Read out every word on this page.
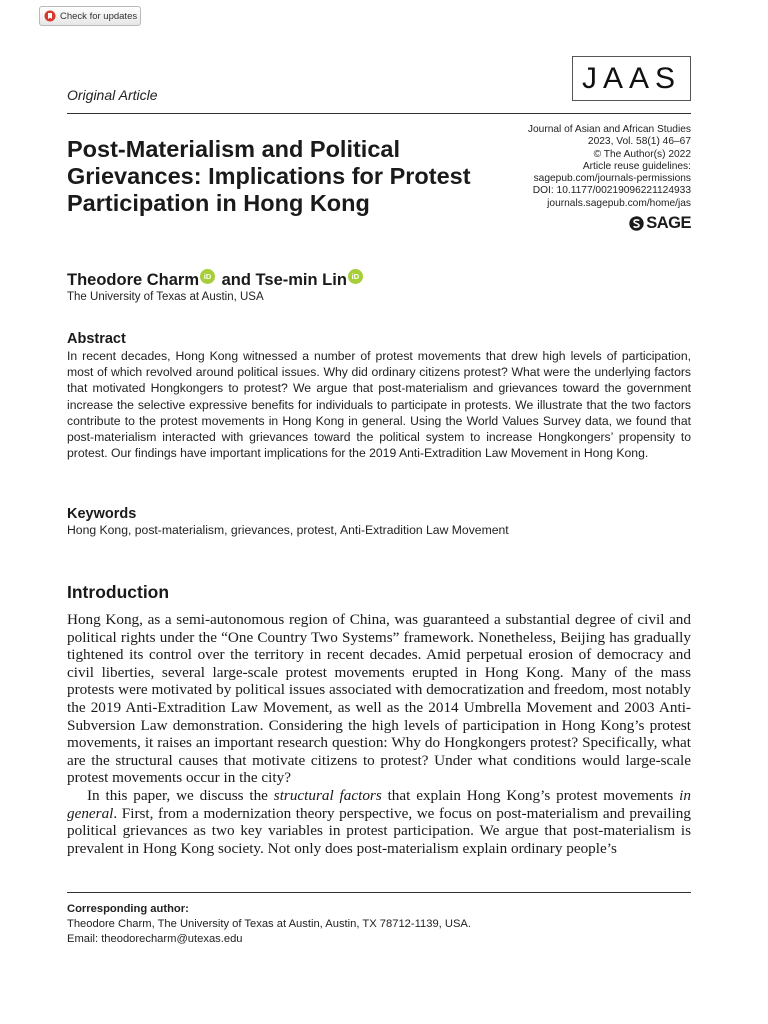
Check for updates
Original Article
JAAS
Post-Materialism and Political Grievances: Implications for Protest Participation in Hong Kong
Journal of Asian and African Studies
2023, Vol. 58(1) 46–67
© The Author(s) 2022
Article reuse guidelines:
sagepub.com/journals-permissions
DOI: 10.1177/00219096221124933
journals.sagepub.com/home/jas
SAGE
Theodore Charm iD and Tse-min Lin iD
The University of Texas at Austin, USA
Abstract

In recent decades, Hong Kong witnessed a number of protest movements that drew high levels of participation, most of which revolved around political issues. Why did ordinary citizens protest? What were the underlying factors that motivated Hongkongers to protest? We argue that post-materialism and grievances toward the government increase the selective expressive benefits for individuals to participate in protests. We illustrate that the two factors contribute to the protest movements in Hong Kong in general. Using the World Values Survey data, we found that post-materialism interacted with grievances toward the political system to increase Hongkongers’ propensity to protest. Our findings have important implications for the 2019 Anti-Extradition Law Movement in Hong Kong.

Keywords
Hong Kong, post-materialism, grievances, protest, Anti-Extradition Law Movement
Introduction

Hong Kong, as a semi-autonomous region of China, was guaranteed a substantial degree of civil and political rights under the “One Country Two Systems” framework. Nonetheless, Beijing has gradually tightened its control over the territory in recent decades. Amid perpetual erosion of democracy and civil liberties, several large-scale protest movements erupted in Hong Kong. Many of the mass protests were motivated by political issues associated with democratization and freedom, most notably the 2019 Anti-Extradition Law Movement, as well as the 2014 Umbrella Movement and 2003 Anti-Subversion Law demonstration. Considering the high levels of participation in Hong Kong’s protest movements, it raises an important research question: Why do Hongkongers protest? Specifically, what are the structural causes that motivate citizens to protest? Under what conditions would large-scale protest movements occur in the city?

In this paper, we discuss the structural factors that explain Hong Kong’s protest movements in general. First, from a modernization theory perspective, we focus on post-materialism and prevailing political grievances as two key variables in protest participation. We argue that post-materialism is prevalent in Hong Kong society. Not only does post-materialism explain ordinary people’s

Corresponding author:
Theodore Charm, The University of Texas at Austin, Austin, TX 78712-1139, USA.
Email: theodorecharm@utexas.edu
